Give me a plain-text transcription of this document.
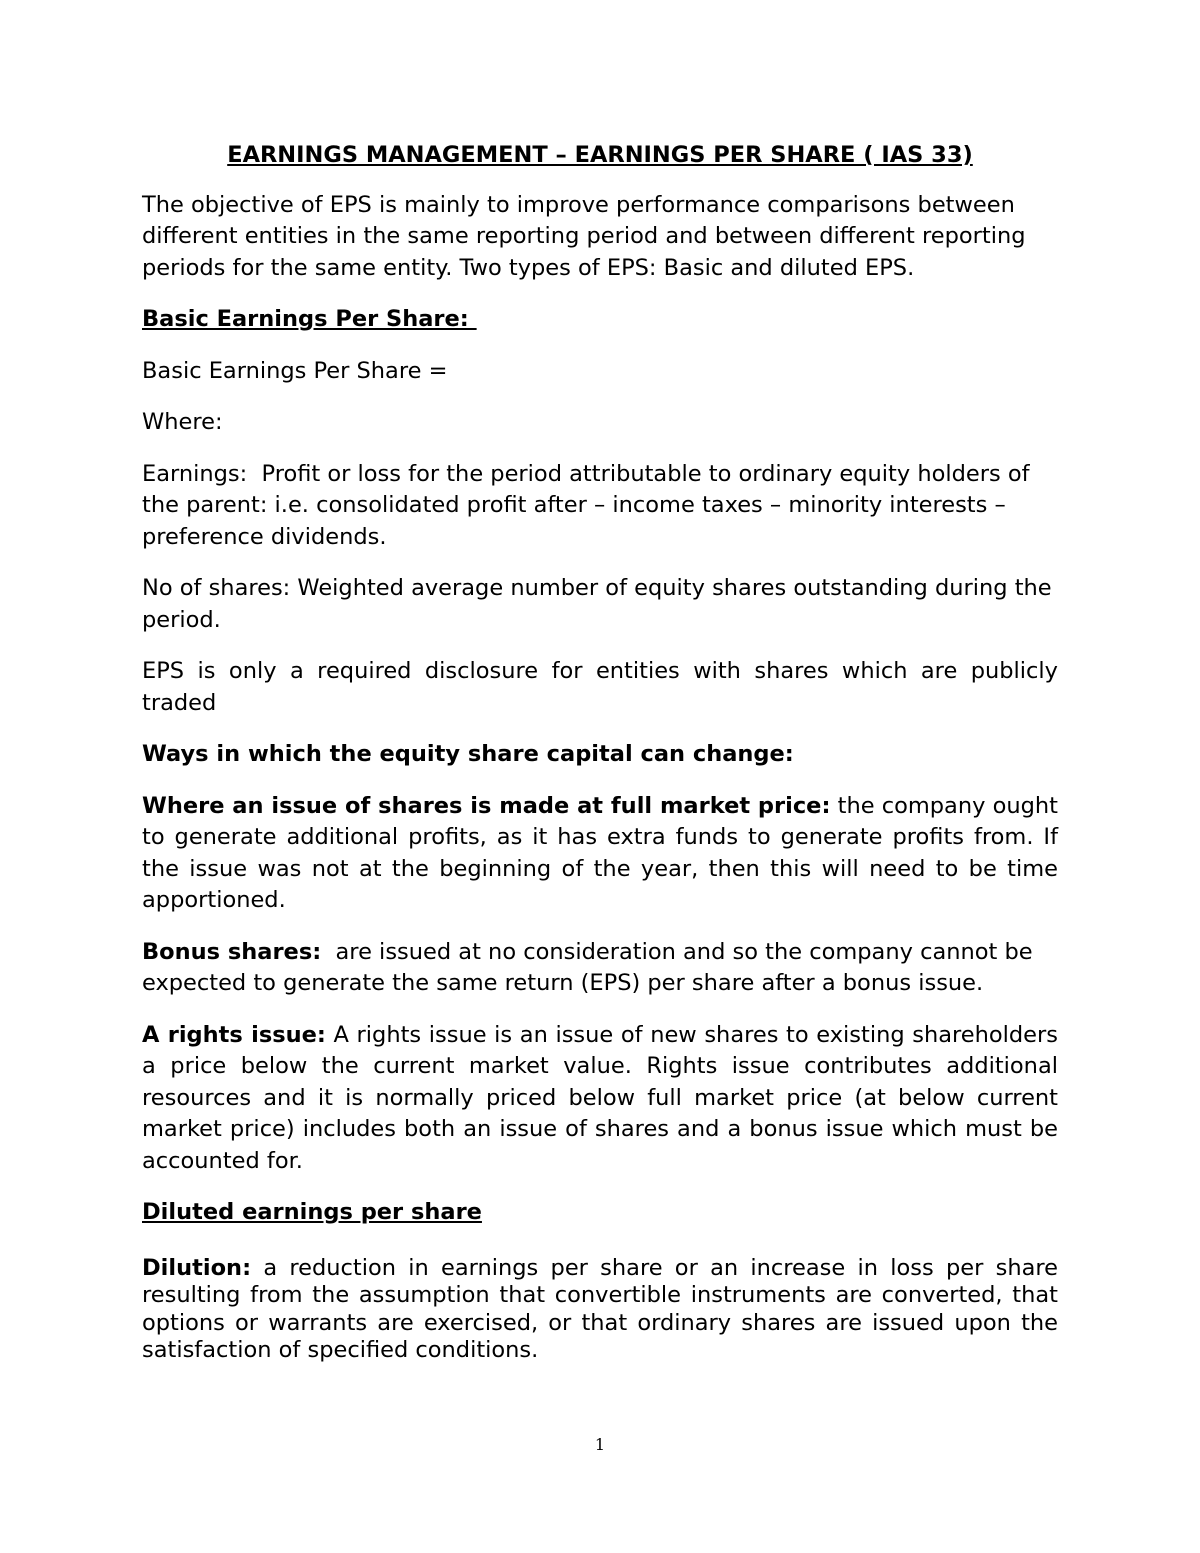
EARNINGS MANAGEMENT – EARNINGS PER SHARE ( IAS 33)

The objective of EPS is mainly to improve performance comparisons between different entities in the same reporting period and between different reporting periods for the same entity. Two types of EPS: Basic and diluted EPS.

Basic Earnings Per Share:

Basic Earnings Per Share =

Where:

Earnings:  Profit or loss for the period attributable to ordinary equity holders of the parent: i.e. consolidated profit after – income taxes – minority interests – preference dividends.

No of shares: Weighted average number of equity shares outstanding during the period.

EPS is only a required disclosure for entities with shares which are publicly traded

Ways in which the equity share capital can change:

Where an issue of shares is made at full market price: the company ought to generate additional profits, as it has extra funds to generate profits from. If the issue was not at the beginning of the year, then this will need to be time apportioned.

Bonus shares:  are issued at no consideration and so the company cannot be expected to generate the same return (EPS) per share after a bonus issue.

A rights issue: A rights issue is an issue of new shares to existing shareholders a price below the current market value. Rights issue contributes additional resources and it is normally priced below full market price (at below current market price) includes both an issue of shares and a bonus issue which must be accounted for.

Diluted earnings per share

Dilution: a reduction in earnings per share or an increase in loss per share resulting from the assumption that convertible instruments are converted, that options or warrants are exercised, or that ordinary shares are issued upon the satisfaction of specified conditions.

1
